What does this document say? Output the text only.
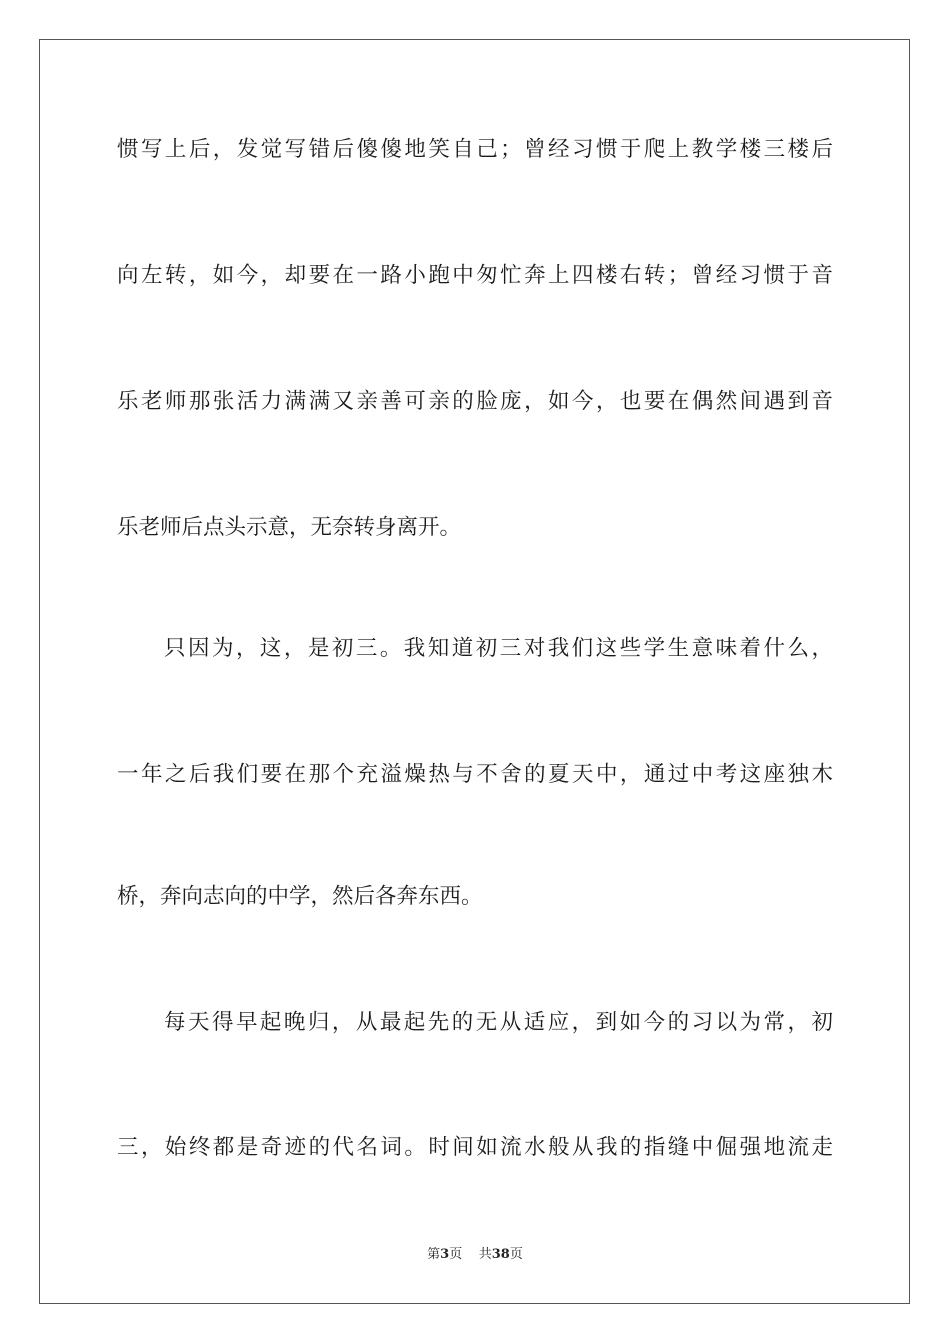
惯写上后，发觉写错后傻傻地笑自己；曾经习惯于爬上教学楼三楼后
向左转，如今，却要在一路小跑中匆忙奔上四楼右转；曾经习惯于音
乐老师那张活力满满又亲善可亲的脸庞，如今，也要在偶然间遇到音
乐老师后点头示意，无奈转身离开。
只因为，这，是初三。我知道初三对我们这些学生意味着什么，
一年之后我们要在那个充溢燥热与不舍的夏天中，通过中考这座独木
桥，奔向志向的中学，然后各奔东西。
每天得早起晚归，从最起先的无从适应，到如今的习以为常，初
三，始终都是奇迹的代名词。时间如流水般从我的指缝中倔强地流走
第3页 共38页
